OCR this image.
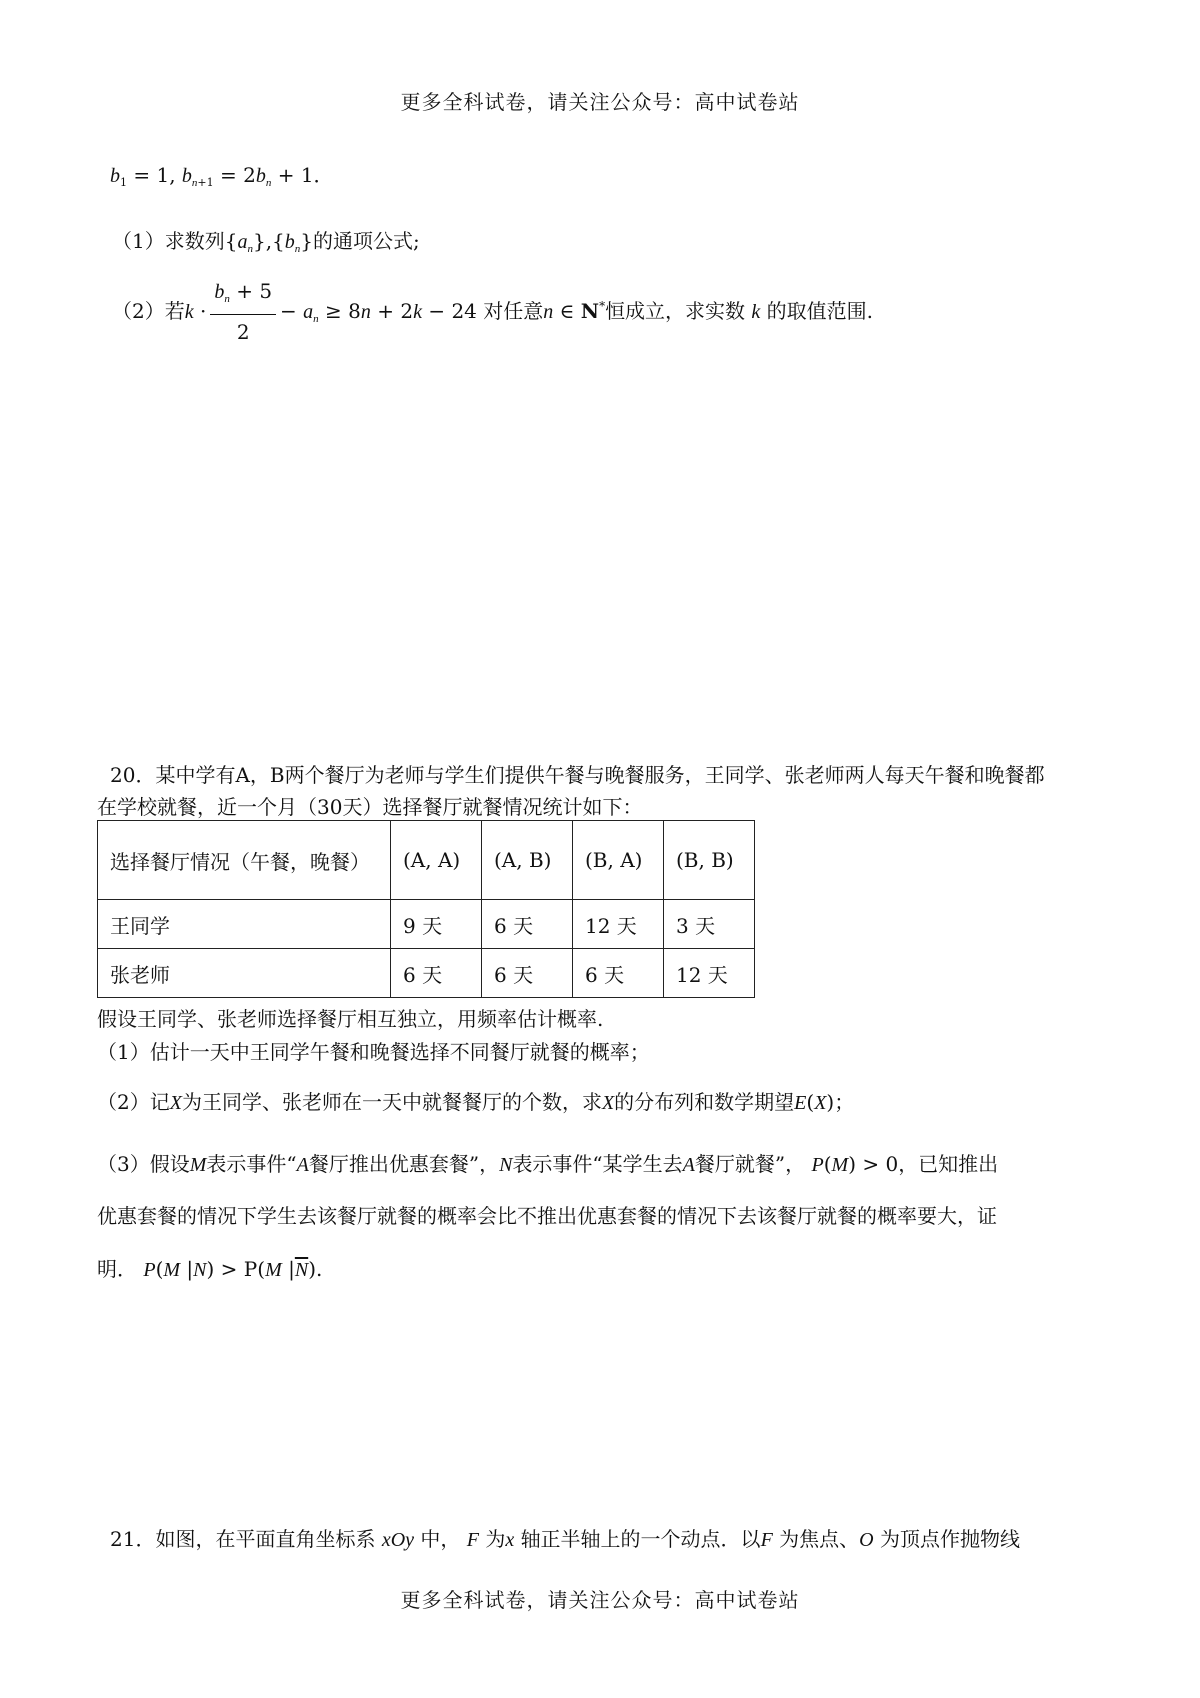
更多全科试卷，请关注公众号：高中试卷站
$b_1 = 1$, $b_{n+1} = 2b_n + 1$．
（1）求数列$\{a_n\},\{b_n\}$的通项公式;
（2）若$k \cdot \frac{b_n + 5}{2} - a_n \ge 8n + 2k - 24$ 对任意n ∈ N*恒成立，求实数 k 的取值范围.
20．某中学有A，B两个餐厅为老师与学生们提供午餐与晚餐服务，王同学、张老师两人每天午餐和晚餐都
在学校就餐，近一个月（30天）选择餐厅就餐情况统计如下：
选择餐厅情况（午餐，晚餐）	(A, A)	(A, B)	(B, A)	(B, B)
王同学	9 天	6 天	12 天	3 天
张老师	6 天	6 天	6 天	12 天
假设王同学、张老师选择餐厅相互独立，用频率估计概率.
（1）估计一天中王同学午餐和晚餐选择不同餐厅就餐的概率；
（2）记X为王同学、张老师在一天中就餐餐厅的个数，求X的分布列和数学期望E(X)；
（3）假设M表示事件“A餐厅推出优惠套餐”，N表示事件“某学生去A餐厅就餐”， P(M) > 0，已知推出
优惠套餐的情况下学生去该餐厅就餐的概率会比不推出优惠套餐的情况下去该餐厅就餐的概率要大，证
明． P(M |N) > P(M $|\overline{N}$).
21．如图，在平面直角坐标系 xOy 中， F 为x 轴正半轴上的一个动点．以F 为焦点、O 为顶点作抛物线
更多全科试卷，请关注公众号：高中试卷站
